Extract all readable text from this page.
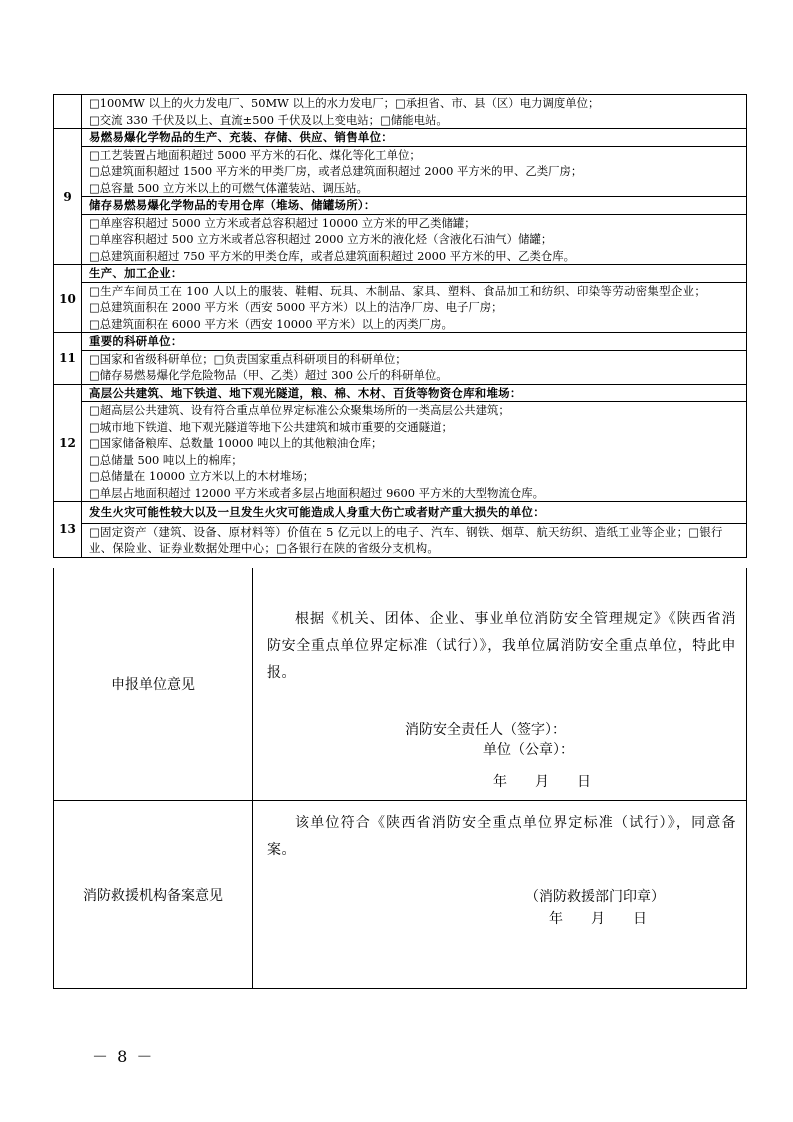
□100MW 以上的火力发电厂、50MW 以上的水力发电厂；□承担省、市、县（区）电力调度单位；
□交流 330 千伏及以上、直流±500 千伏及以上变电站；□储能电站。
9
易燃易爆化学物品的生产、充装、存储、供应、销售单位：
□工艺装置占地面积超过 5000 平方米的石化、煤化等化工单位；
□总建筑面积超过 1500 平方米的甲类厂房，或者总建筑面积超过 2000 平方米的甲、乙类厂房；
□总容量 500 立方米以上的可燃气体灌装站、调压站。
储存易燃易爆化学物品的专用仓库（堆场、储罐场所）：
□单座容积超过 5000 立方米或者总容积超过 10000 立方米的甲乙类储罐；
□单座容积超过 500 立方米或者总容积超过 2000 立方米的液化烃（含液化石油气）储罐；
□总建筑面积超过 750 平方米的甲类仓库，或者总建筑面积超过 2000 平方米的甲、乙类仓库。
10
生产、加工企业：
□生产车间员工在 100 人以上的服装、鞋帽、玩具、木制品、家具、塑料、食品加工和纺织、印染等劳动密集型企业；
□总建筑面积在 2000 平方米（西安 5000 平方米）以上的洁净厂房、电子厂房；
□总建筑面积在 6000 平方米（西安 10000 平方米）以上的丙类厂房。
11
重要的科研单位：
□国家和省级科研单位；□负责国家重点科研项目的科研单位；
□储存易燃易爆化学危险物品（甲、乙类）超过 300 公斤的科研单位。
12
高层公共建筑、地下铁道、地下观光隧道，粮、棉、木材、百货等物资仓库和堆场：
□超高层公共建筑、设有符合重点单位界定标准公众聚集场所的一类高层公共建筑；
□城市地下铁道、地下观光隧道等地下公共建筑和城市重要的交通隧道；
□国家储备粮库、总数量 10000 吨以上的其他粮油仓库；
□总储量 500 吨以上的棉库；
□总储量在 10000 立方米以上的木材堆场；
□单层占地面积超过 12000 平方米或者多层占地面积超过 9600 平方米的大型物流仓库。
13
发生火灾可能性较大以及一旦发生火灾可能造成人身重大伤亡或者财产重大损失的单位：
□固定资产（建筑、设备、原材料等）价值在 5 亿元以上的电子、汽车、钢铁、烟草、航天纺织、造纸工业等企业；□银行业、保险业、证券业数据处理中心；□各银行在陕的省级分支机构。
申报单位意见
根据《机关、团体、企业、事业单位消防安全管理规定》《陕西省消防安全重点单位界定标准（试行）》，我单位属消防安全重点单位，特此申报。
消防安全责任人（签字）：
单位（公章）：
年　　月　　日
消防救援机构备案意见
该单位符合《陕西省消防安全重点单位界定标准（试行）》，同意备案。
（消防救援部门印章）
年　　月　　日
－ 8 －
